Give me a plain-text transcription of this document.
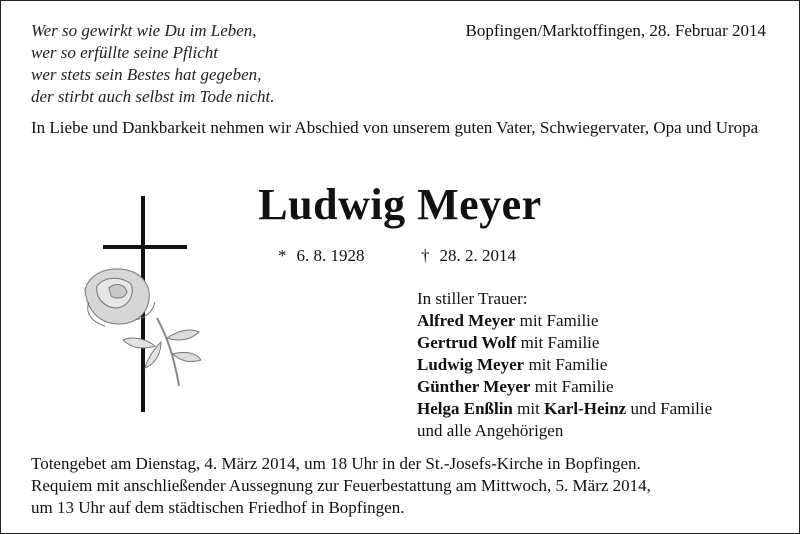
Wer so gewirkt wie Du im Leben,
wer so erfüllte seine Pflicht
wer stets sein Bestes hat gegeben,
der stirbt auch selbst im Tode nicht.
Bopfingen/Marktoffingen, 28. Februar 2014
In Liebe und Dankbarkeit nehmen wir Abschied von unserem guten Vater, Schwiegervater, Opa und Uropa
Ludwig Meyer
* 6. 8. 1928	† 28. 2. 2014
In stiller Trauer:
Alfred Meyer mit Familie
Gertrud Wolf mit Familie
Ludwig Meyer mit Familie
Günther Meyer mit Familie
Helga Enßlin mit Karl-Heinz und Familie
und alle Angehörigen
Totengebet am Dienstag, 4. März 2014, um 18 Uhr in der St.-Josefs-Kirche in Bopfingen.
Requiem mit anschließender Aussegnung zur Feuerbestattung am Mittwoch, 5. März 2014,
um 13 Uhr auf dem städtischen Friedhof in Bopfingen.
